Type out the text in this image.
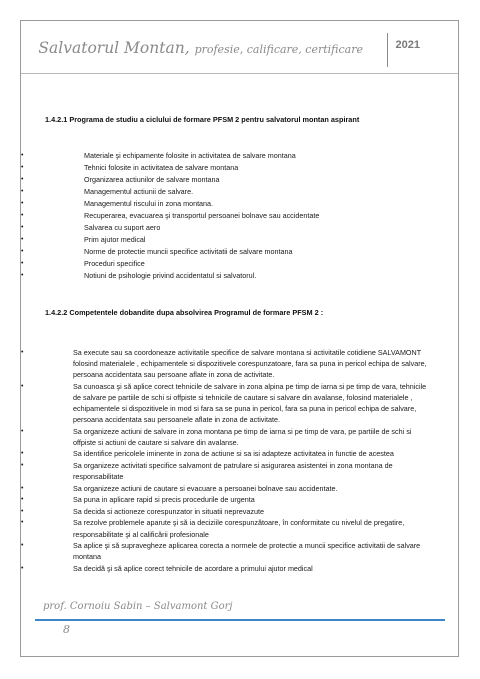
Salvatorul Montan, profesie, calificare, certificare	2021
1.4.2.1 Programa de studiu a ciclului de formare PFSM 2 pentru salvatorul montan aspirant
•	Materiale şi echipamente folosite in activitatea de salvare montana
•	Tehnici folosite in activitatea de salvare montana
•	Organizarea actiunilor de salvare montana
•	Managementul actiunii de salvare.
•	Managementul riscului in zona montana.
•	Recuperarea, evacuarea şi transportul persoanei bolnave sau accidentate
•	Salvarea cu suport aero
•	Prim ajutor medical
•	Norme de protectie muncii specifice activitatii de salvare montana
•	Proceduri specifice
•	Notiuni de psihologie privind accidentatul si salvatorul.
1.4.2.2 Competentele dobandite dupa absolvirea Programul de formare PFSM 2 :
•	Sa execute sau sa coordoneaze activitatile specifice de salvare montana si activitatile cotidiene SALVAMONT folosind materialele , echipamentele si dispozitivele corespunzatoare, fara sa puna in pericol echipa de salvare, persoana accidentata sau persoane aflate in zona de activitate.
•	Sa cunoasca şi să aplice corect tehnicile de salvare in zona alpina pe timp de iarna si pe timp de vara, tehnicile de salvare pe partiile de schi si offpiste si tehnicile de cautare si salvare din avalanse, folosind materialele , echipamentele si dispozitivele in mod si fara sa se puna in pericol, fara sa puna in pericol echipa de salvare, persoana accidentata sau persoanele aflate in zona de activitate.
•	Sa organizeze actiuni de salvare in zona montana pe timp de iarna si pe timp de vara, pe partiile de schi si offpiste si actiuni de cautare si salvare din avalanse.
•	Sa identifice pericolele iminente in zona de actiune si sa isi adapteze activitatea in functie de acestea
•	Sa organizeze activitati specifice salvamont de patrulare si asigurarea asistentei in zona montana de responsabilitate
•	Sa organizeze actiuni de cautare si evacuare a persoanei bolnave sau accidentate.
•	Sa puna in aplicare rapid si precis procedurile de urgenta
•	Sa decida si actioneze corespunzator in situatii neprevazute
•	Sa rezolve problemele aparute şi să ia deciziile corespunzătoare, în conformitate cu nivelul de pregatire, responsabilitate şi al calificării profesionale
•	Sa aplice şi să supravegheze aplicarea corecta a normele de protectie a muncii specifice activitatii de salvare montana
•	Sa decidă şi să aplice corect tehnicile de acordare a primului ajutor medical
prof. Cornoiu Sabin – Salvamont Gorj
8
